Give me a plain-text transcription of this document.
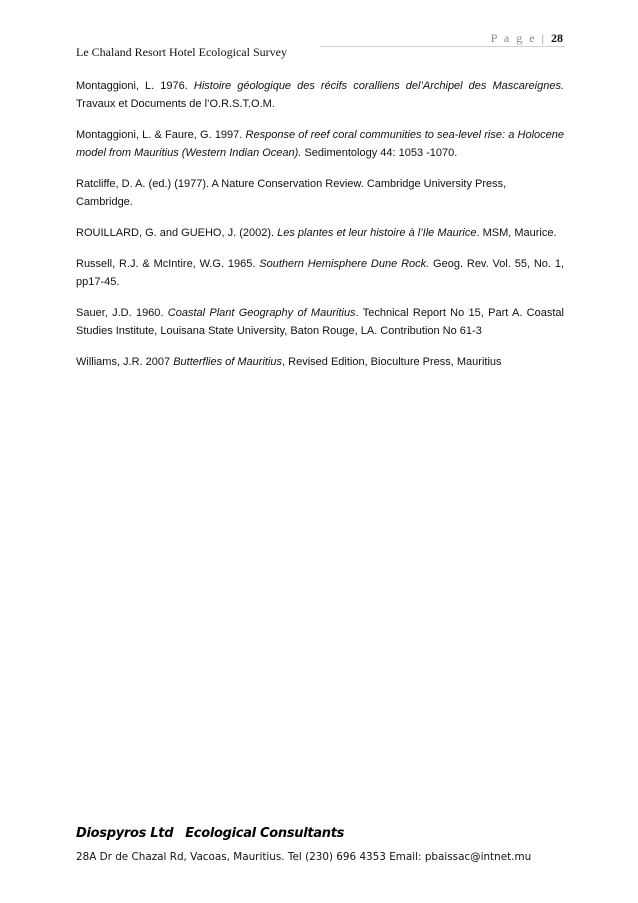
P a g e | 28
Le Chaland Resort Hotel Ecological Survey

Montaggioni, L. 1976. Histoire géologique des récifs coralliens del’Archipel des Mascareignes. Travaux et Documents de l’O.R.S.T.O.M.

Montaggioni, L. & Faure, G. 1997. Response of reef coral communities to sea-level rise: a Holocene model from Mauritius (Western Indian Ocean). Sedimentology 44: 1053 -1070.

Ratcliffe, D. A. (ed.) (1977). A Nature Conservation Review. Cambridge University Press, Cambridge.

ROUILLARD, G. and GUEHO, J. (2002). Les plantes et leur histoire à l’Ile Maurice. MSM, Maurice.

Russell, R.J. & McIntire, W.G. 1965. Southern Hemisphere Dune Rock. Geog. Rev. Vol. 55, No. 1, pp17-45.

Sauer, J.D. 1960. Coastal Plant Geography of Mauritius. Technical Report No 15, Part A. Coastal Studies Institute, Louisana State University, Baton Rouge, LA. Contribution No 61-3

Williams, J.R. 2007 Butterflies of Mauritius, Revised Edition, Bioculture Press, Mauritius

Diospyros Ltd Ecological Consultants
28A Dr de Chazal Rd, Vacoas, Mauritius. Tel (230) 696 4353 Email: pbaissac@intnet.mu
